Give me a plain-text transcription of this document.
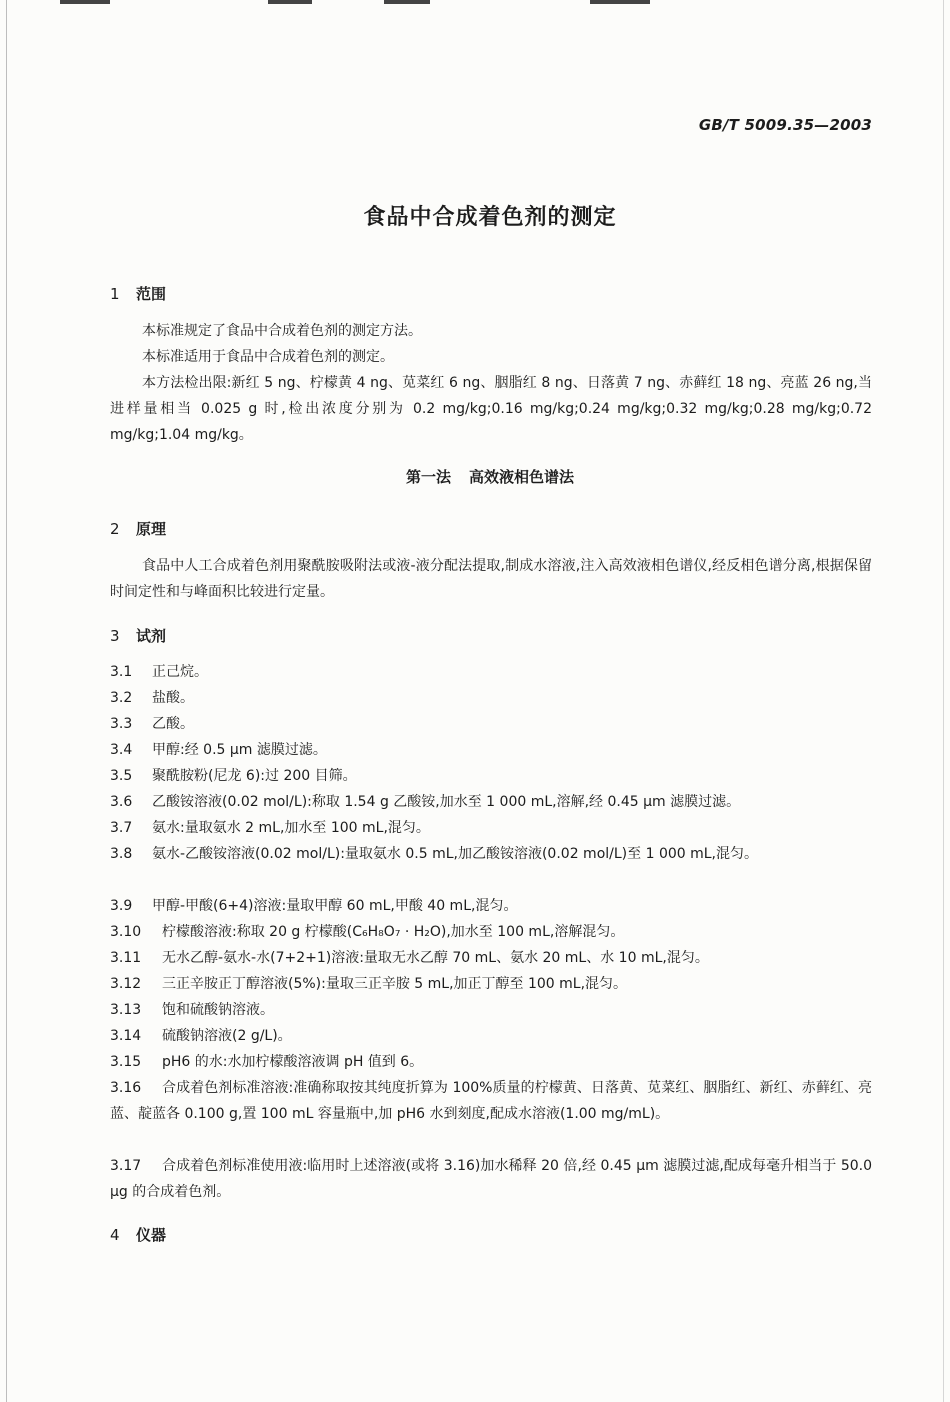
GB/T 5009.35—2003
食品中合成着色剂的测定
1 范围
本标准规定了食品中合成着色剂的测定方法。
本标准适用于食品中合成着色剂的测定。
本方法检出限:新红 5 ng、柠檬黄 4 ng、苋菜红 6 ng、胭脂红 8 ng、日落黄 7 ng、赤藓红 18 ng、亮蓝 26 ng,当进样量相当 0.025 g 时,检出浓度分别为 0.2 mg/kg;0.16 mg/kg;0.24 mg/kg;0.32 mg/kg;0.28 mg/kg;0.72 mg/kg;1.04 mg/kg。
第一法 高效液相色谱法
2 原理
食品中人工合成着色剂用聚酰胺吸附法或液-液分配法提取,制成水溶液,注入高效液相色谱仪,经反相色谱分离,根据保留时间定性和与峰面积比较进行定量。
3 试剂
3.1 正己烷。
3.2 盐酸。
3.3 乙酸。
3.4 甲醇:经 0.5 μm 滤膜过滤。
3.5 聚酰胺粉(尼龙 6):过 200 目筛。
3.6 乙酸铵溶液(0.02 mol/L):称取 1.54 g 乙酸铵,加水至 1 000 mL,溶解,经 0.45 μm 滤膜过滤。
3.7 氨水:量取氨水 2 mL,加水至 100 mL,混匀。
3.8 氨水-乙酸铵溶液(0.02 mol/L):量取氨水 0.5 mL,加乙酸铵溶液(0.02 mol/L)至 1 000 mL,混匀。
3.9 甲醇-甲酸(6+4)溶液:量取甲醇 60 mL,甲酸 40 mL,混匀。
3.10 柠檬酸溶液:称取 20 g 柠檬酸(C₆H₈O₇ · H₂O),加水至 100 mL,溶解混匀。
3.11 无水乙醇-氨水-水(7+2+1)溶液:量取无水乙醇 70 mL、氨水 20 mL、水 10 mL,混匀。
3.12 三正辛胺正丁醇溶液(5%):量取三正辛胺 5 mL,加正丁醇至 100 mL,混匀。
3.13 饱和硫酸钠溶液。
3.14 硫酸钠溶液(2 g/L)。
3.15 pH6 的水:水加柠檬酸溶液调 pH 值到 6。
3.16 合成着色剂标准溶液:准确称取按其纯度折算为 100%质量的柠檬黄、日落黄、苋菜红、胭脂红、新红、赤藓红、亮蓝、靛蓝各 0.100 g,置 100 mL 容量瓶中,加 pH6 水到刻度,配成水溶液(1.00 mg/mL)。
3.17 合成着色剂标准使用液:临用时上述溶液(或将 3.16)加水稀释 20 倍,经 0.45 μm 滤膜过滤,配成每毫升相当于 50.0 μg 的合成着色剂。
4 仪器
